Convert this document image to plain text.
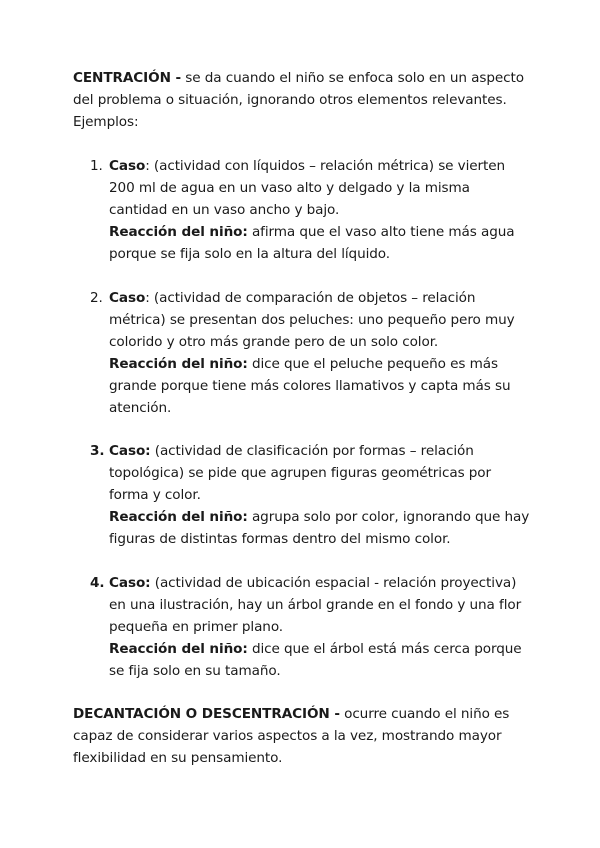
CENTRACIÓN - se da cuando el niño se enfoca solo en un aspecto del problema o situación, ignorando otros elementos relevantes. Ejemplos:
1. Caso: (actividad con líquidos – relación métrica) se vierten 200 ml de agua en un vaso alto y delgado y la misma cantidad en un vaso ancho y bajo.
Reacción del niño: afirma que el vaso alto tiene más agua porque se fija solo en la altura del líquido.
2. Caso: (actividad de comparación de objetos – relación métrica) se presentan dos peluches: uno pequeño pero muy colorido y otro más grande pero de un solo color.
Reacción del niño: dice que el peluche pequeño es más grande porque tiene más colores llamativos y capta más su atención.
3. Caso: (actividad de clasificación por formas – relación topológica) se pide que agrupen figuras geométricas por forma y color.
Reacción del niño: agrupa solo por color, ignorando que hay figuras de distintas formas dentro del mismo color.
4. Caso: (actividad de ubicación espacial - relación proyectiva) en una ilustración, hay un árbol grande en el fondo y una flor pequeña en primer plano.
Reacción del niño: dice que el árbol está más cerca porque se fija solo en su tamaño.
DECANTACIÓN O DESCENTRACIÓN - ocurre cuando el niño es capaz de considerar varios aspectos a la vez, mostrando mayor flexibilidad en su pensamiento.
